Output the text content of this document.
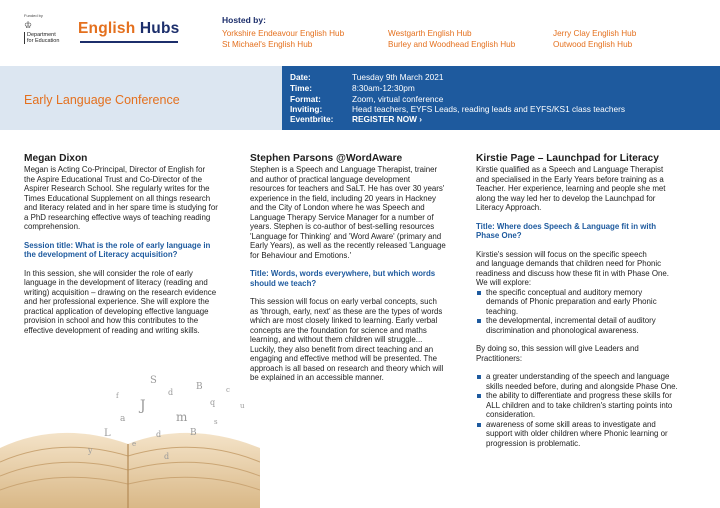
Funded by
♔
Department
for Education
English Hubs	Hosted by:
Yorkshire Endeavour English Hub
St Michael's English Hub
Westgarth English Hub
Burley and Woodhead English Hub
Jerry Clay English Hub
Outwood English Hub
Early Language Conference
Date:	Tuesday 9th March 2021
Time:	8:30am-12:30pm
Format:	Zoom, virtual conference
Inviting:	Head teachers, EYFS Leads, reading leads and EYFS/KS1 class teachers
Eventbrite: REGISTER NOW ›
S
d
J
B
q
a	m
L
c
d
e
B
y
s
u
f
d
Megan Dixon
Megan is Acting Co-Principal, Director of English for
the Aspire Educational Trust and Co-Director of the
Aspirer Research School. She regularly writes for the
Times Educational Supplement on all things research
and literacy related and in her spare time is studying for
a PhD researching effective ways of teaching reading
comprehension.
Session title: What is the role of early language in
the development of Literacy acquisition?
In this session, she will consider the role of early
language in the development of literacy (reading and
writing) acquisition – drawing on the research evidence
and her professional experience. She will explore the
practical application of developing effective language
provision in school and how this contributes to the
effective development of reading and writing skills.
Stephen Parsons @WordAware
Stephen is a Speech and Language Therapist, trainer
and author of practical language development
resources for teachers and SaLT. He has over 30 years'
experience in the field, including 20 years in Hackney
and the City of London where he was Speech and
Language Therapy Service Manager for a number of
years. Stephen is co-author of best-selling resources
'Language for Thinking' and 'Word Aware' (primary and
Early Years), as well as the recently released 'Language
for Behaviour and Emotions.'
Title: Words, words everywhere, but which words
should we teach?
This session will focus on early verbal concepts, such
as 'through, early, next' as these are the types of words
which are most closely linked to learning. Early verbal
concepts are the foundation for science and maths
learning, and without them children will struggle...
Luckily, they also benefit from direct teaching and an
engaging and effective method will be presented. The
approach is all based on research and theory which will
be explained in an accessible manner.
Kirstie Page – Launchpad for Literacy
Kirstie qualified as a Speech and Language Therapist
and specialised in the Early Years before training as a
Teacher. Her experience, learning and people she met
along the way led her to develop the Launchpad for
Literacy Approach.
Title: Where does Speech & Language fit in with
Phase One?
Kirstie's session will focus on the specific speech
and language demands that children need for Phonic
readiness and discuss how these fit in with Phase One.
We will explore:
the specific conceptual and auditory memory
demands of Phonic preparation and early Phonic
teaching.
the developmental, incremental detail of auditory
discrimination and phonological awareness.
By doing so, this session will give Leaders and
Practitioners:
a greater understanding of the speech and language
skills needed before, during and alongside Phase One.
the ability to differentiate and progress these skills for
ALL children and to take children's starting points into
consideration.
awareness of some skill areas to investigate and
support with older children where Phonic learning or
progression is problematic.
